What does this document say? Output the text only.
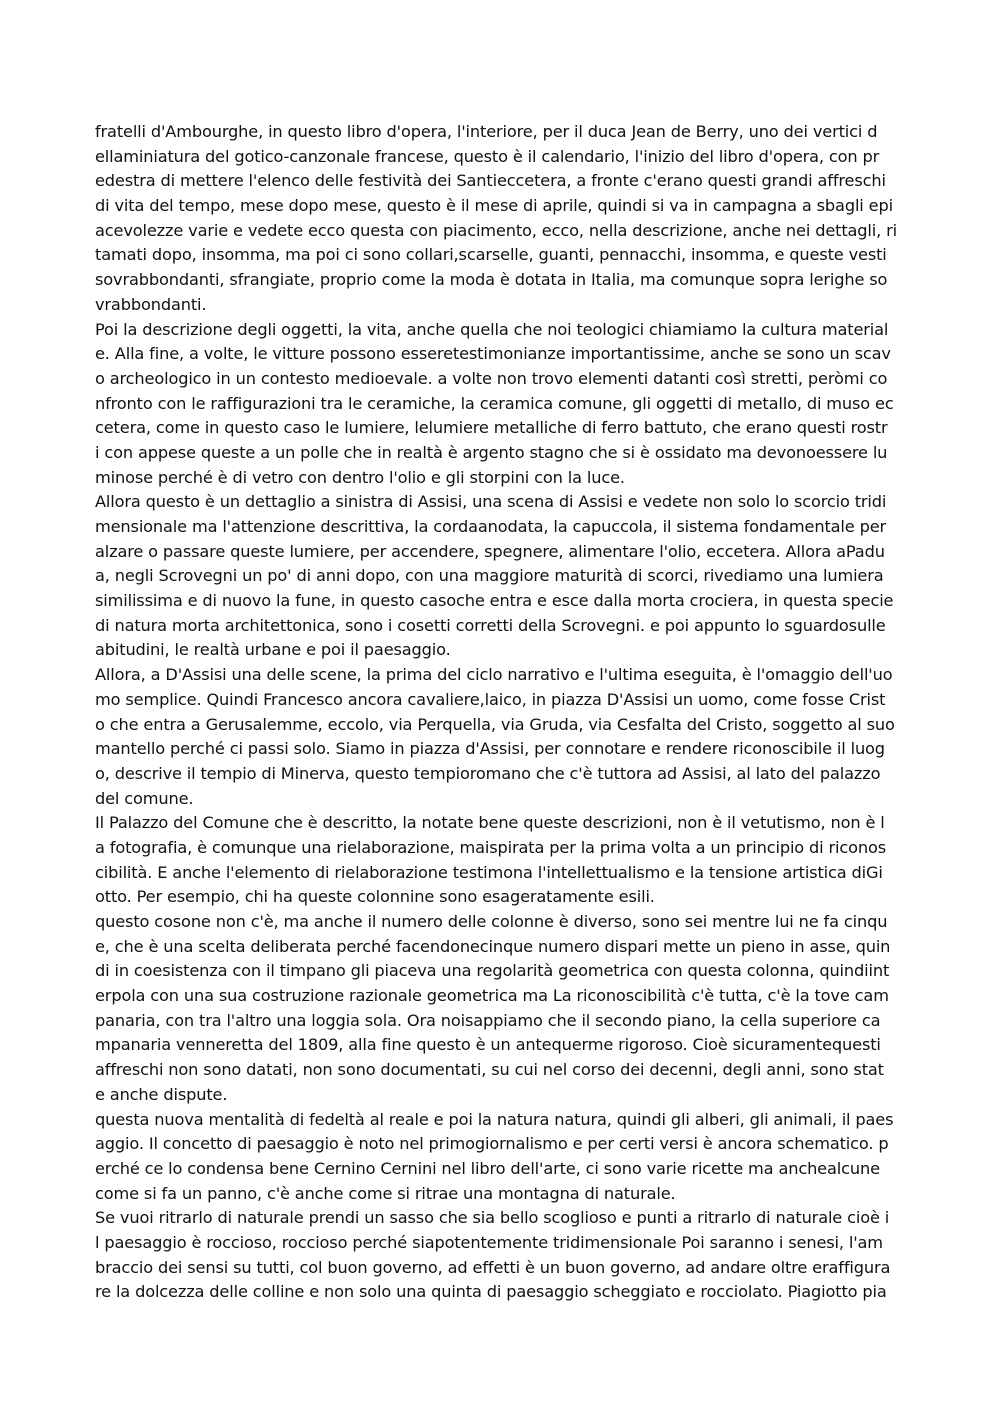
fratelli d'Ambourghe, in questo libro d'opera, l'interiore, per il duca Jean de Berry, uno dei vertici d
ellaminiatura del gotico-canzonale francese, questo è il calendario, l'inizio del libro d'opera, con pr
edestra di mettere l'elenco delle festività dei Santieccetera, a fronte c'erano questi grandi affreschi
di vita del tempo, mese dopo mese, questo è il mese di aprile, quindi si va in campagna a sbagli epi
acevolezze varie e vedete ecco questa con piacimento, ecco, nella descrizione, anche nei dettagli, ri
tamati dopo, insomma, ma poi ci sono collari,scarselle, guanti, pennacchi, insomma, e queste vesti
sovrabbondanti, sfrangiate, proprio come la moda è dotata in Italia, ma comunque sopra lerighe so
vrabbondanti.
Poi la descrizione degli oggetti, la vita, anche quella che noi teologici chiamiamo la cultura material
e. Alla fine, a volte, le vitture possono esseretestimonianze importantissime, anche se sono un scav
o archeologico in un contesto medioevale. a volte non trovo elementi datanti così stretti, peròmi co
nfronto con le raffigurazioni tra le ceramiche, la ceramica comune, gli oggetti di metallo, di muso ec
cetera, come in questo caso le lumiere, lelumiere metalliche di ferro battuto, che erano questi rostr
i con appese queste a un polle che in realtà è argento stagno che si è ossidato ma devonoessere lu
minose perché è di vetro con dentro l'olio e gli storpini con la luce.
Allora questo è un dettaglio a sinistra di Assisi, una scena di Assisi e vedete non solo lo scorcio tridi
mensionale ma l'attenzione descrittiva, la cordaanodata, la capuccola, il sistema fondamentale per
alzare o passare queste lumiere, per accendere, spegnere, alimentare l'olio, eccetera. Allora aPadu
a, negli Scrovegni un po' di anni dopo, con una maggiore maturità di scorci, rivediamo una lumiera
similissima e di nuovo la fune, in questo casoche entra e esce dalla morta crociera, in questa specie
di natura morta architettonica, sono i cosetti corretti della Scrovegni. e poi appunto lo sguardosulle
abitudini, le realtà urbane e poi il paesaggio.
Allora, a D'Assisi una delle scene, la prima del ciclo narrativo e l'ultima eseguita, è l'omaggio dell'uo
mo semplice. Quindi Francesco ancora cavaliere,laico, in piazza D'Assisi un uomo, come fosse Crist
o che entra a Gerusalemme, eccolo, via Perquella, via Gruda, via Cesfalta del Cristo, soggetto al suo
mantello perché ci passi solo. Siamo in piazza d'Assisi, per connotare e rendere riconoscibile il luog
o, descrive il tempio di Minerva, questo tempioromano che c'è tuttora ad Assisi, al lato del palazzo
del comune.
Il Palazzo del Comune che è descritto, la notate bene queste descrizioni, non è il vetutismo, non è l
a fotografia, è comunque una rielaborazione, maispirata per la prima volta a un principio di riconos
cibilità. E anche l'elemento di rielaborazione testimona l'intellettualismo e la tensione artistica diGi
otto. Per esempio, chi ha queste colonnine sono esageratamente esili.
questo cosone non c'è, ma anche il numero delle colonne è diverso, sono sei mentre lui ne fa cinqu
e, che è una scelta deliberata perché facendonecinque numero dispari mette un pieno in asse, quin
di in coesistenza con il timpano gli piaceva una regolarità geometrica con questa colonna, quindiint
erpola con una sua costruzione razionale geometrica ma La riconoscibilità c'è tutta, c'è la tove cam
panaria, con tra l'altro una loggia sola. Ora noisappiamo che il secondo piano, la cella superiore ca
mpanaria vennerettа del 1809, alla fine questo è un antequerme rigoroso. Cioè sicuramentequesti
affreschi non sono datati, non sono documentati, su cui nel corso dei decenni, degli anni, sono stat
e anche dispute.
questa nuova mentalità di fedeltà al reale e poi la natura natura, quindi gli alberi, gli animali, il paes
aggio. Il concetto di paesaggio è noto nel primogiornalismo e per certi versi è ancora schematico. p
erché ce lo condensa bene Cernino Cernini nel libro dell'arte, ci sono varie ricette ma anchealcune
come si fa un panno, c'è anche come si ritrae una montagna di naturale.
Se vuoi ritrarlo di naturale prendi un sasso che sia bello scoglioso e punti a ritrarlo di naturale cioè i
l paesaggio è roccioso, roccioso perché siapotentemente tridimensionale Poi saranno i senesi, l'am
braccio dei sensi su tutti, col buon governo, ad effetti è un buon governo, ad andare oltre eraffigura
re la dolcezza delle colline e non solo una quinta di paesaggio scheggiato e rocciolato. Piagiotto pia
